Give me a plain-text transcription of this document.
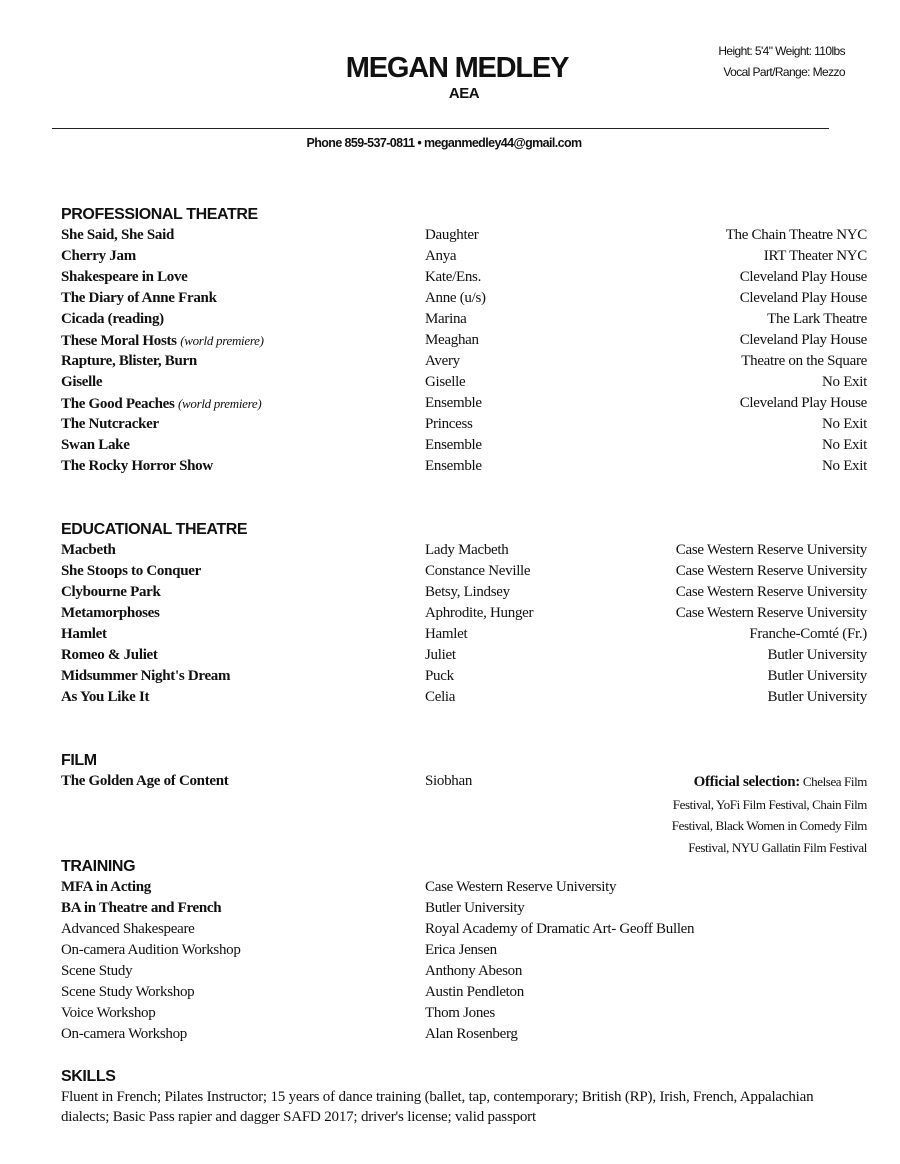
MEGAN MEDLEY
AEA
Height: 5'4" Weight: 110lbs
Vocal Part/Range: Mezzo
Phone 859-537-0811 • meganmedley44@gmail.com
PROFESSIONAL THEATRE
She Said, She Said	Daughter	The Chain Theatre NYC
Cherry Jam	Anya	IRT Theater NYC
Shakespeare in Love	Kate/Ens.	Cleveland Play House
The Diary of Anne Frank	Anne (u/s)	Cleveland Play House
Cicada (reading)	Marina	The Lark Theatre
These Moral Hosts (world premiere)	Meaghan	Cleveland Play House
Rapture, Blister, Burn	Avery	Theatre on the Square
Giselle	Giselle	No Exit
The Good Peaches (world premiere)	Ensemble	Cleveland Play House
The Nutcracker	Princess	No Exit
Swan Lake	Ensemble	No Exit
The Rocky Horror Show	Ensemble	No Exit
EDUCATIONAL THEATRE
Macbeth	Lady Macbeth	Case Western Reserve University
She Stoops to Conquer	Constance Neville	Case Western Reserve University
Clybourne Park	Betsy, Lindsey	Case Western Reserve University
Metamorphoses	Aphrodite, Hunger	Case Western Reserve University
Hamlet	Hamlet	Franche-Comté (Fr.)
Romeo & Juliet	Juliet	Butler University
Midsummer Night's Dream	Puck	Butler University
As You Like It	Celia	Butler University
FILM
The Golden Age of Content	Siobhan	Official selection: Chelsea Film Festival, YoFi Film Festival, Chain Film Festival, Black Women in Comedy Film Festival, NYU Gallatin Film Festival
TRAINING
MFA in Acting	Case Western Reserve University
BA in Theatre and French	Butler University
Advanced Shakespeare	Royal Academy of Dramatic Art- Geoff Bullen
On-camera Audition Workshop	Erica Jensen
Scene Study	Anthony Abeson
Scene Study Workshop	Austin Pendleton
Voice Workshop	Thom Jones
On-camera Workshop	Alan Rosenberg
SKILLS
Fluent in French; Pilates Instructor; 15 years of dance training (ballet, tap, contemporary; British (RP), Irish, French, Appalachian dialects; Basic Pass rapier and dagger SAFD 2017; driver's license; valid passport
